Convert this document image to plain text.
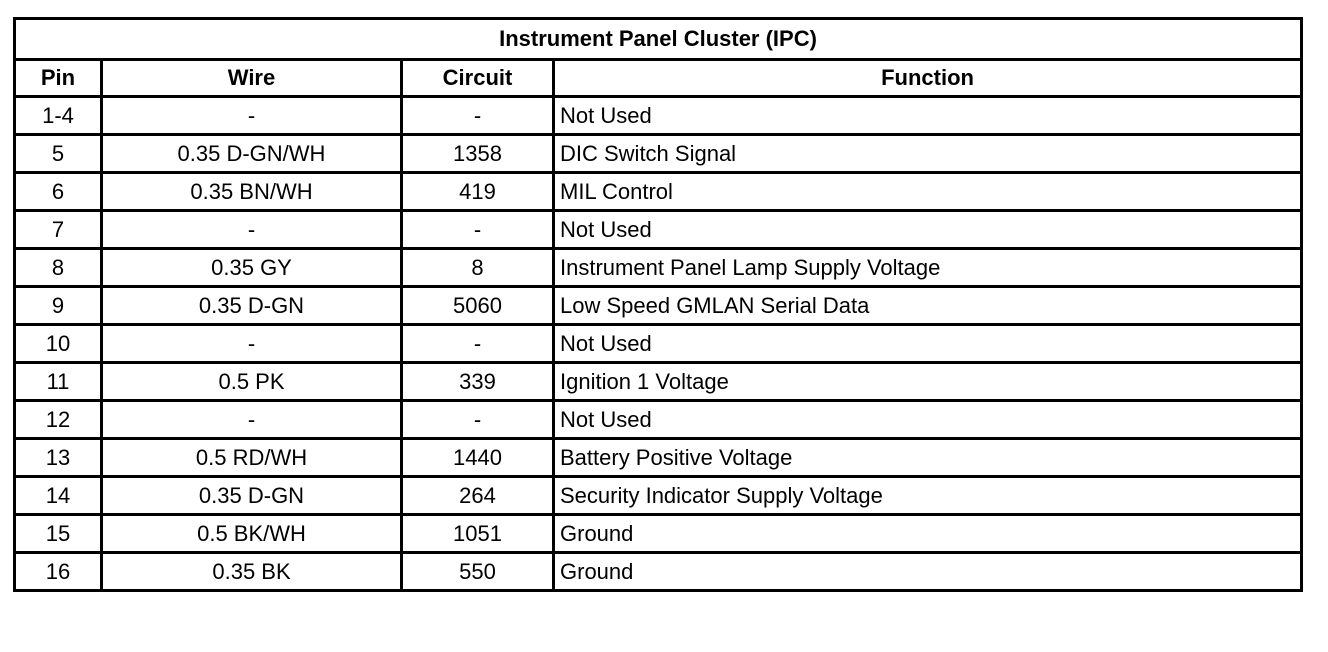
Instrument Panel Cluster (IPC)			
Pin	Wire	Circuit	Function
1-4	-	-	Not Used
5	0.35 D-GN/WH	1358	DIC Switch Signal
6	0.35 BN/WH	419	MIL Control
7	-	-	Not Used
8	0.35 GY	8	Instrument Panel Lamp Supply Voltage
9	0.35 D-GN	5060	Low Speed GMLAN Serial Data
10	-	-	Not Used
11	0.5 PK	339	Ignition 1 Voltage
12	-	-	Not Used
13	0.5 RD/WH	1440	Battery Positive Voltage
14	0.35 D-GN	264	Security Indicator Supply Voltage
15	0.5 BK/WH	1051	Ground
16	0.35 BK	550	Ground
